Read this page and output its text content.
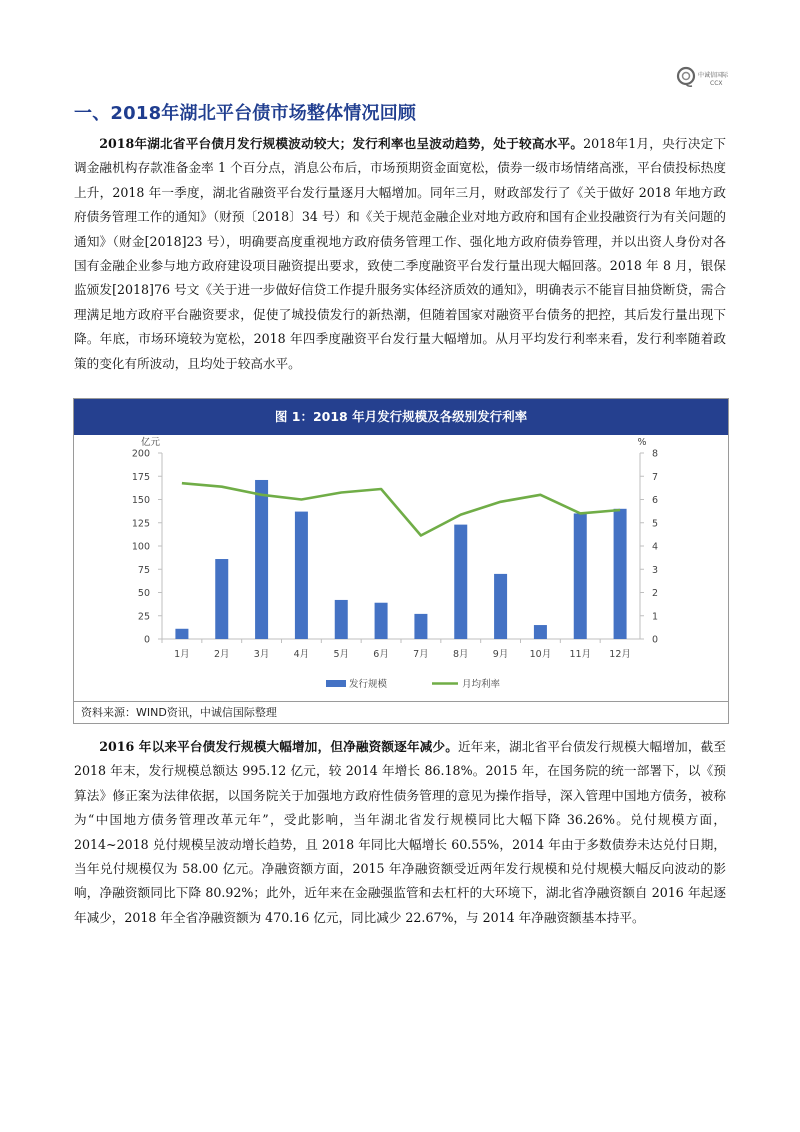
中诚信国际
CCX
一、2018年湖北平台债市场整体情况回顾
2018年湖北省平台债月发行规模波动较大；发行利率也呈波动趋势，处于较高水平。2018年1月，央行决定下调金融机构存款准备金率 1 个百分点，消息公布后，市场预期资金面宽松，债券一级市场情绪高涨，平台债投标热度上升，2018 年一季度，湖北省融资平台发行量逐月大幅增加。同年三月，财政部发行了《关于做好 2018 年地方政府债务管理工作的通知》（财预〔2018〕34 号）和《关于规范金融企业对地方政府和国有企业投融资行为有关问题的通知》（财金[2018]23 号），明确要高度重视地方政府债务管理工作、强化地方政府债券管理，并以出资人身份对各国有金融企业参与地方政府建设项目融资提出要求，致使二季度融资平台发行量出现大幅回落。2018 年 8 月，银保监颁发[2018]76 号文《关于进一步做好信贷工作提升服务实体经济质效的通知》，明确表示不能盲目抽贷断贷，需合理满足地方政府平台融资要求，促使了城投债发行的新热潮，但随着国家对融资平台债务的把控，其后发行量出现下降。年底，市场环境较为宽松，2018 年四季度融资平台发行量大幅增加。从月平均发行利率来看，发行利率随着政策的变化有所波动，且均处于较高水平。
图 1：2018 年月发行规模及各级别发行利率
亿元	%
0
25
50
75
100
125
150
175
200
0
1
2
3
4
5
6
7
8
1月	2月	3月	4月	5月	6月	7月	8月	9月 10月 11月 12月
发行规模	月均利率
资料来源：WIND资讯，中诚信国际整理
2016 年以来平台债发行规模大幅增加，但净融资额逐年减少。近年来，湖北省平台债发行规模大幅增加，截至 2018 年末，发行规模总额达 995.12 亿元，较 2014 年增长 86.18%。2015 年，在国务院的统一部署下，以《预算法》修正案为法律依据，以国务院关于加强地方政府性债务管理的意见为操作指导，深入管理中国地方债务，被称为“中国地方债务管理改革元年”，受此影响，当年湖北省发行规模同比大幅下降 36.26%。兑付规模方面，2014~2018 兑付规模呈波动增长趋势，且 2018 年同比大幅增长 60.55%，2014 年由于多数债券未达兑付日期，当年兑付规模仅为 58.00 亿元。净融资额方面，2015 年净融资额受近两年发行规模和兑付规模大幅反向波动的影响，净融资额同比下降 80.92%；此外，近年来在金融强监管和去杠杆的大环境下，湖北省净融资额自 2016 年起逐年减少，2018 年全省净融资额为 470.16 亿元，同比减少 22.67%，与 2014 年净融资额基本持平。
